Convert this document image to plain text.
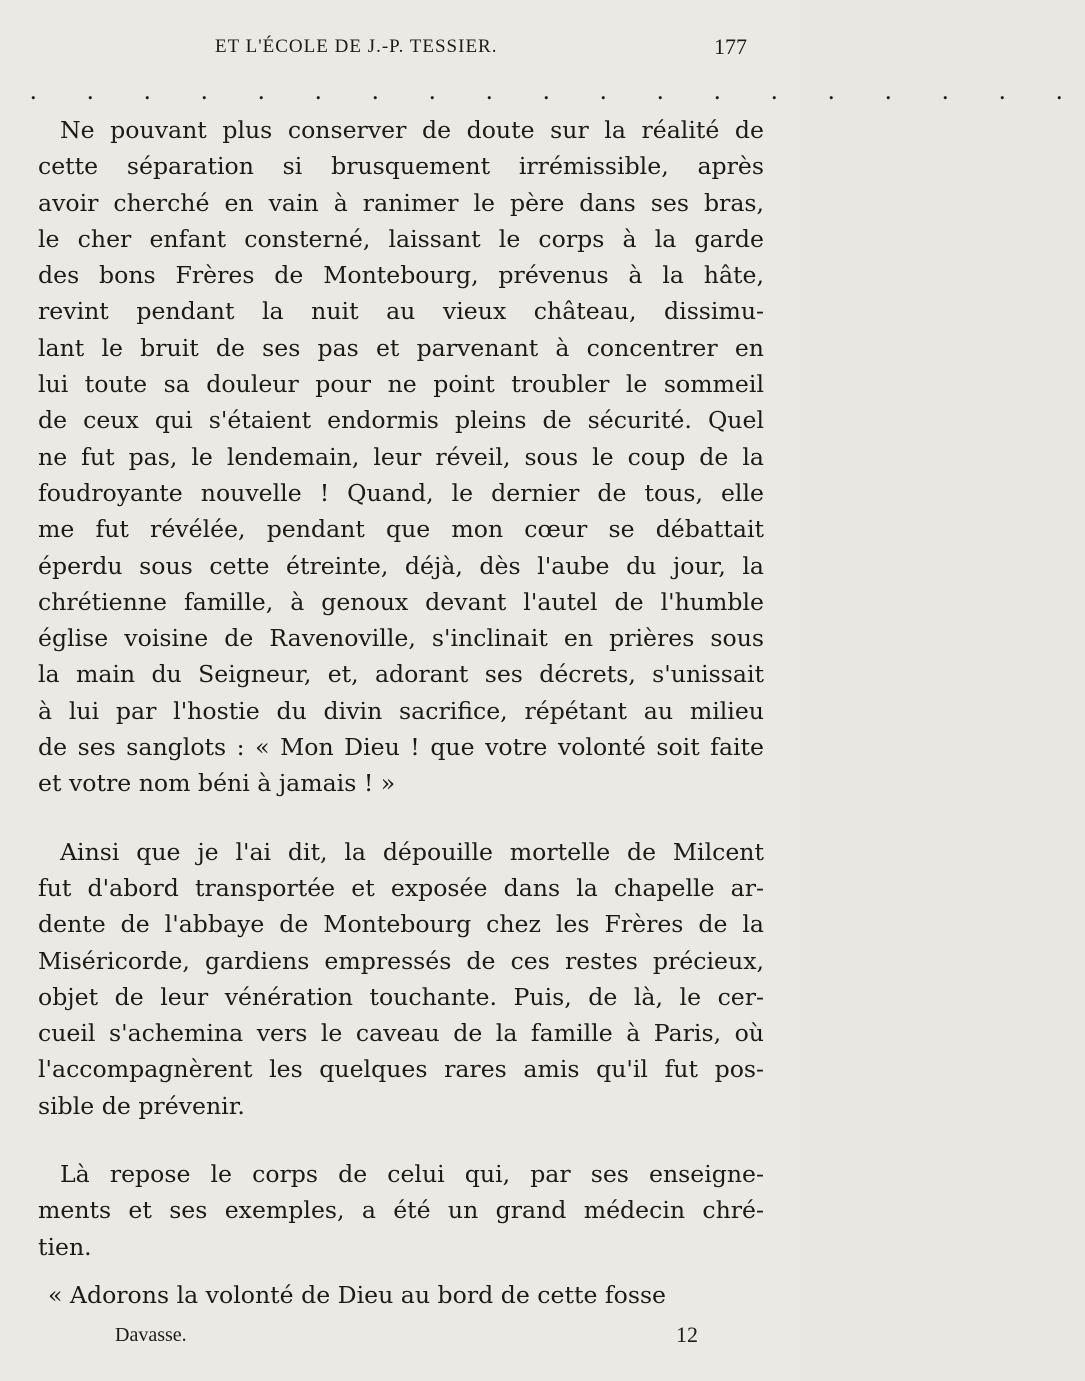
ET L'ÉCOLE DE J.-P. TESSIER.	177
. . . . . . . . . . . . . . . . . . .

Ne pouvant plus conserver de doute sur la réalité de
cette séparation si brusquement irrémissible, après
avoir cherché en vain à ranimer le père dans ses bras,
le cher enfant consterné, laissant le corps à la garde
des bons Frères de Montebourg, prévenus à la hâte,
revint pendant la nuit au vieux château, dissimu-
lant le bruit de ses pas et parvenant à concentrer en
lui toute sa douleur pour ne point troubler le sommeil
de ceux qui s'étaient endormis pleins de sécurité. Quel
ne fut pas, le lendemain, leur réveil, sous le coup de la
foudroyante nouvelle ! Quand, le dernier de tous, elle
me fut révélée, pendant que mon cœur se débattait
éperdu sous cette étreinte, déjà, dès l'aube du jour, la
chrétienne famille, à genoux devant l'autel de l'humble
église voisine de Ravenoville, s'inclinait en prières sous
la main du Seigneur, et, adorant ses décrets, s'unissait
à lui par l'hostie du divin sacrifice, répétant au milieu
de ses sanglots : « Mon Dieu ! que votre volonté soit faite
et votre nom béni à jamais ! »

Ainsi que je l'ai dit, la dépouille mortelle de Milcent
fut d'abord transportée et exposée dans la chapelle ar-
dente de l'abbaye de Montebourg chez les Frères de la
Miséricorde, gardiens empressés de ces restes précieux,
objet de leur vénération touchante. Puis, de là, le cer-
cueil s'achemina vers le caveau de la famille à Paris, où
l'accompagnèrent les quelques rares amis qu'il fut pos-
sible de prévenir.

Là repose le corps de celui qui, par ses enseigne-
ments et ses exemples, a été un grand médecin chré-
tien.

« Adorons la volonté de Dieu au bord de cette fosse

Davasse.	12
